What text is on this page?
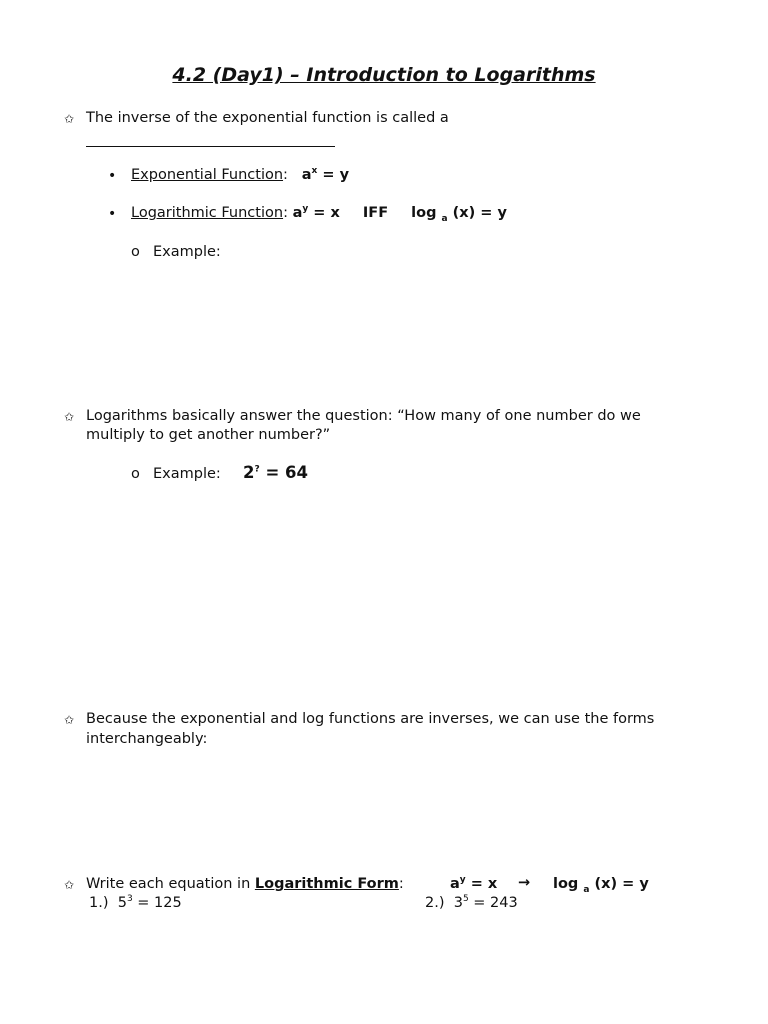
4.2 (Day1) – Introduction to Logarithms
✩ The inverse of the exponential function is called a
• Exponential Function:   $a^x = y$
• Logarithmic Function: $a^y = x$ IFF log $_a$ (x) = y
o Example:
✩ Logarithms basically answer the question: “How many of one number do we
multiply to get another number?”
o Example: 2? = 64
✩ Because the exponential and log functions are inverses, we can use the forms
interchangeably:
✩ Write each equation in Logarithmic Form:	$a^y = x \to \log _a$ (x) = y
1.) $5^3 = 125$	2.) $3^5 = 243$
